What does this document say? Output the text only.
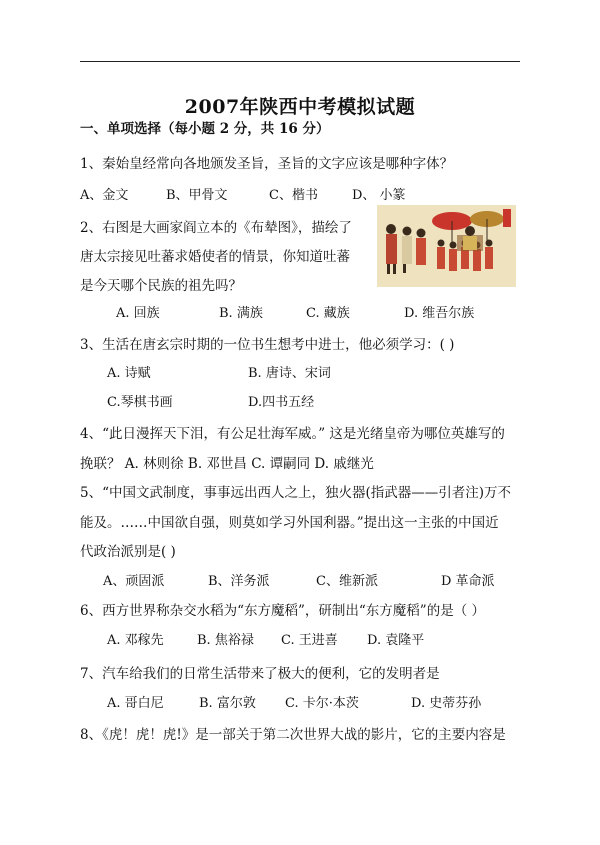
2007年陕西中考模拟试题
一、单项选择（每小题 2 分，共 16 分）
1、秦始皇经常向各地颁发圣旨，圣旨的文字应该是哪种字体？
A、金文	B、甲骨文	C、楷书	D、 小篆
2、右图是大画家阎立本的《布辇图》，描绘了
唐太宗接见吐蕃求婚使者的情景，你知道吐蕃
是今天哪个民族的祖先吗？
A. 回族	B. 满族	C. 藏族	D. 维吾尔族
3、生活在唐玄宗时期的一位书生想考中进士，他必须学习：( )
A. 诗赋	B. 唐诗、宋词
C.琴棋书画	D.四书五经
4、“此日漫挥天下泪，有公足壮海军威。” 这是光绪皇帝为哪位英雄写的
挽联？ A. 林则徐 B. 邓世昌 C. 谭嗣同 D. 戚继光
5、“中国文武制度，事事远出西人之上，独火器(指武器——引者注)万不
能及。……中国欲自强，则莫如学习外国利器。”提出这一主张的中国近
代政治派别是( )
A、顽固派	B、洋务派	C、维新派	D 革命派
6、西方世界称杂交水稻为“东方魔稻”，研制出“东方魔稻”的是（ ）
A. 邓稼先	B. 焦裕禄 C. 王进喜 D. 袁隆平
7、汽车给我们的日常生活带来了极大的便利，它的发明者是
A. 哥白尼	B. 富尔敦 C. 卡尔·本茨	D. 史蒂芬孙
8、《虎！虎！虎!》是一部关于第二次世界大战的影片，它的主要内容是
